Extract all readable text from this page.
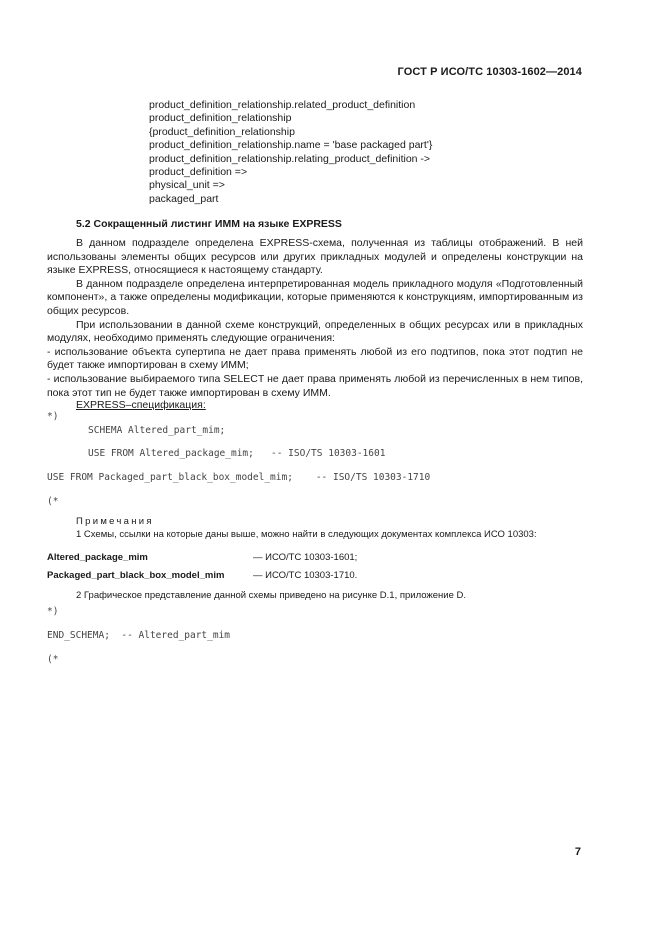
ГОСТ Р ИСО/ТС 10303-1602—2014
product_definition_relationship.related_product_definition
product_definition_relationship
{product_definition_relationship
product_definition_relationship.name = 'base packaged part'}
product_definition_relationship.relating_product_definition ->
product_definition =>
physical_unit =>
packaged_part
5.2 Сокращенный листинг ИММ на языке EXPRESS

В данном подразделе определена EXPRESS-схема, полученная из таблицы отображений. В ней использованы элементы общих ресурсов или других прикладных модулей и определены конструкции на языке EXPRESS, относящиеся к настоящему стандарту.

В данном подразделе определена интерпретированная модель прикладного модуля «Подготовленный компонент», а также определены модификации, которые применяются к конструкциям, импортированным из общих ресурсов.

При использовании в данной схеме конструкций, определенных в общих ресурсах или в прикладных модулях, необходимо применять следующие ограничения:

- использование объекта супертипа не дает права применять любой из его подтипов, пока этот подтип не будет также импортирован в схему ИММ;

- использование выбираемого типа SELECT не дает права применять любой из перечисленных в нем типов, пока этот тип не будет также импортирован в схему ИММ.

EXPRESS–спецификация:
*)
SCHEMA Altered_part_mim;
USE FROM Altered_package_mim;   -- ISO/TS 10303-1601
USE FROM Packaged_part_black_box_model_mim;    -- ISO/TS 10303-1710
(*
Примечания
1 Схемы, ссылки на которые даны выше, можно найти в следующих документах комплекса ИСО 10303:
Altered_package_mim	— ИСО/ТС 10303-1601;
Packaged_part_black_box_model_mim	— ИСО/ТС 10303-1710.
2 Графическое представление данной схемы приведено на рисунке D.1, приложение D.
*)
END_SCHEMA;  -- Altered_part_mim
(*
7
